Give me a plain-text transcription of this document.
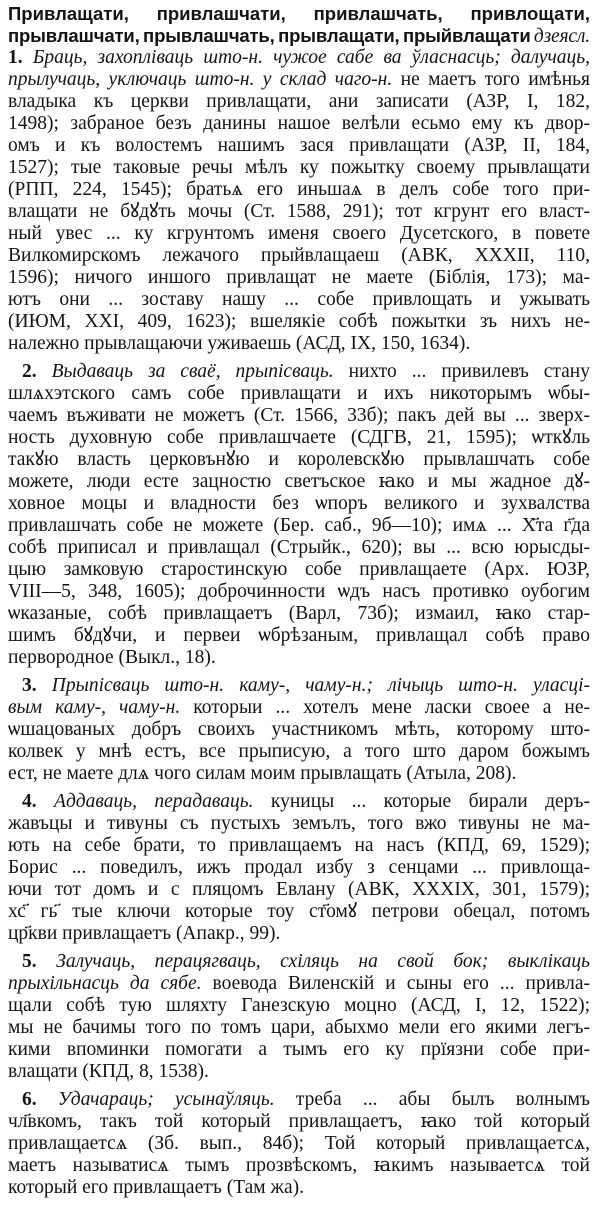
Привлащати, привлашчати, привлашчать, привлощати,
прывлашчати, прывлашчать, прывлащати, прыйвлащати дзеясл.
1. Браць, захопліваць што-н. чужое сабе ва ўласнасць; далучаць,
прылучаць, уключаць што-н. у склад чаго-н. не маетъ того имѣнья
владыка къ церкви привлащати, ани записати (АЗР, I, 182,
1498); забраное безъ данины нашое велѣли есьмо ему къ двор-
омъ и къ волостемъ нашимъ зася привлащати (АЗР, II, 184,
1527); тые таковые речы мѣлъ ку пожытку своему прывлащати
(РПП, 224, 1545); братьѧ его иньшаѧ в делъ собе того при-
влащати не бꙋдꙋть мочы (Ст. 1588, 291); тот кгрунт его власт-
ный увес ... ку кгрунтомъ именя своего Дусетского, в повете
Вилкомирскомъ лежачого прыйвлащаеш (АВК, XXXII, 110,
1596); ничого иншого привлащат не маете (Біблія, 173); ма-
ютъ они ... зоставу нашу ... собе привлощать и ужывать
(ИЮМ, XXI, 409, 1623); вшелякіе собѣ пожытки зъ нихъ не-
належно прывлащаючи уживаешь (АСД, IX, 150, 1634).
2. Выдаваць за сваё, прыпісваць. нихто ... привилевъ стану
шлѧхэтского самъ собе привлащати и ихъ никоторымъ ѡбы-
чаемъ въживати не можетъ (Ст. 1566, 33б); пакъ дей вы ... зверх-
ность духовную собе привлашчаете (СДГВ, 21, 1595); ѡткꙋль
такꙋю власть церковънꙋю и королевскꙋю прывлашчать собе
можете, люди есте зацностю светъское ꙗко и мы жадное дꙋ-
ховное моцы и владности без ѡпоръ великого и зухвалства
привлашчать собе не можете (Бер. саб., 9б—10); имѧ ... Х҃та г҃да
собѣ приписал и привлащал (Стрыйк., 620); вы ... всю юрысды-
цыю замковую старостинскую собе привлащаете (Арх. ЮЗР,
VIII—5, 348, 1605); доброчинности ѡдъ насъ противко оубогим
ѡказаные, собѣ привлащаетъ (Варл, 73б); измаил, ꙗко стар-
шимъ бꙋдꙋчи, и первеи ѡбрѣзаным, привлащал собѣ право
первородное (Выкл., 18).
3. Прыпісваць што-н. каму-, чаму-н.; лічыць што-н. уласці-
вым каму-, чаму-н. которыи ... хотелъ мене ласки своее а не-
ѡшацованых добръ своихъ участникомъ мѣть, которому што-
колвек у мнѣ естъ, все прыписую, а того што даром божымъ
ест, не маете длѧ чого силам моим прывлащать (Атыла, 208).
4. Аддаваць, перадаваць. куницы ... которые бирали деръ-
жавъцы и тивуны съ пустыхъ земълъ, того вжо тивуны не ма-
ють на себе брати, то привлащаемъ на насъ (КПД, 69, 1529);
Борис ... поведилъ, ижъ продал избу з сенцами ... привлоща-
ючи тот домъ и с пляцомъ Евлану (АВК, XXXIX, 301, 1579);
хс҃ гь҃ тые ключи которые тоу ст҃омꙋ петрови обецал, потомъ
цр҃кви привлащаетъ (Апакр., 99).
5. Залучаць, перацягваць, схіляць на свой бок; выклікаць
прыхільнасць да сябе. воевода Виленскій и сыны его ... привла-
щали собѣ тую шляхту Ганезскую моцно (АСД, I, 12, 1522);
мы не бачимы того по томъ цари, абыхмо мели его якими легъ-
кими впоминки помогати а тымъ его ку прїязни собе при-
влащати (КПД, 8, 1538).
6. Удачараць; усынаўляць. треба ... абы былъ волнымъ
чл҃вкомъ, такъ той который привлащаетъ, ꙗко той который
привлащаетсѧ (Зб. вып., 84б); Той который привлащаетсѧ,
маетъ называтисѧ тымъ прозвѣскомъ, ꙗкимъ называетсѧ той
который его привлащаетъ (Там жа).
